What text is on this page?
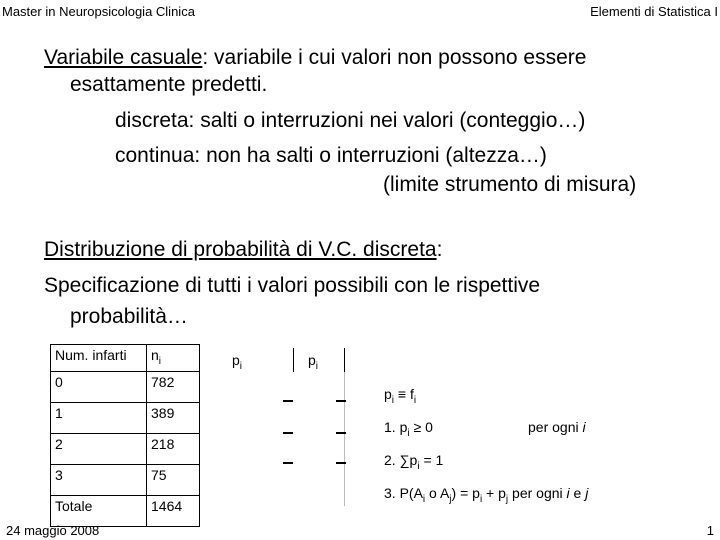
Master in Neuropsicologia Clinica	Elementi di Statistica I
Variabile casuale: variabile i cui valori non possono essere
esattamente predetti.
discreta: salti o interruzioni nei valori (conteggio…)
continua: non ha salti o interruzioni (altezza…)
(limite strumento di misura)
Distribuzione di probabilità di V.C. discreta:
Specificazione di tutti i valori possibili con le rispettive
probabilità…
Num. infarti	$n_i$
0	782
1	389
2	218
3	75
Totale	1464
$p_i$	$p_i$
$p_i \equiv f_i$
1. $p_i \ge 0$	per ogni i
2. $\sum p_i = 1$
3. $P(A_i$ o $A_j) = p_i + p_j$ per ogni i e j
24 maggio 2008	1
